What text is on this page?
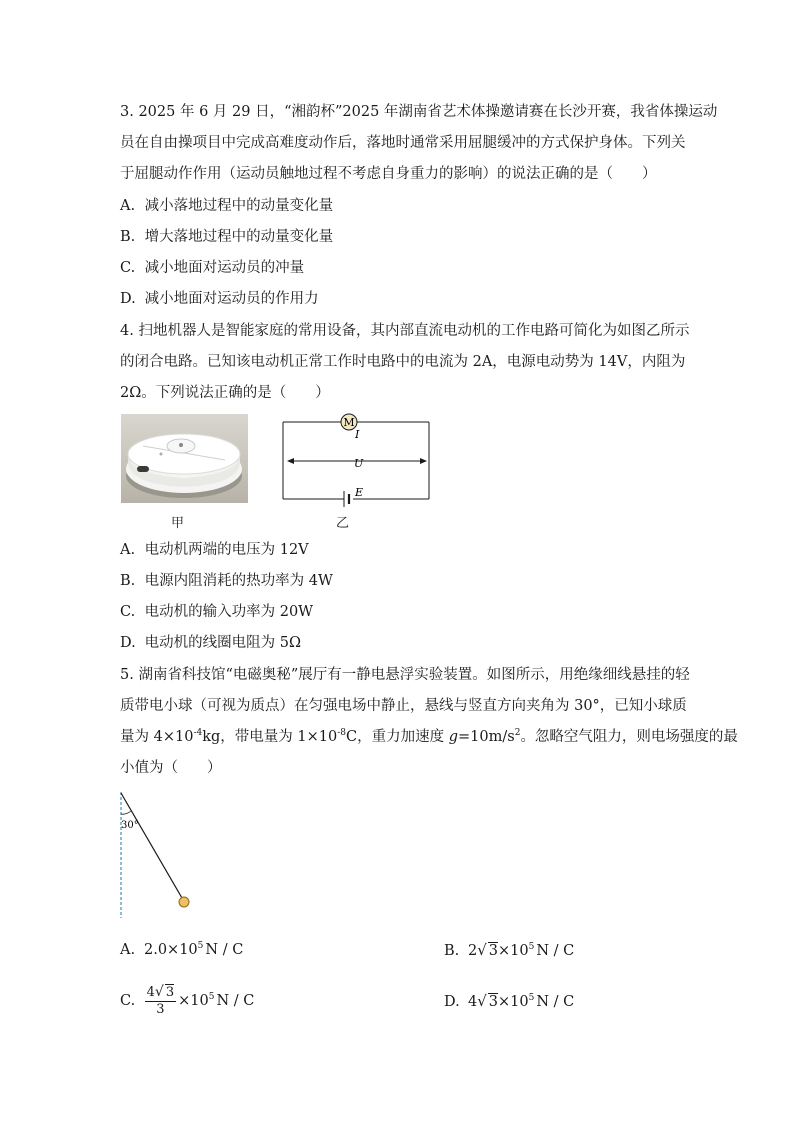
3. 2025 年 6 月 29 日，“湘韵杯”2025 年湖南省艺术体操邀请赛在长沙开赛，我省体操运动
员在自由操项目中完成高难度动作后，落地时通常采用屈腿缓冲的方式保护身体。下列关
于屈腿动作作用（运动员触地过程不考虑自身重力的影响）的说法正确的是（　　）
A. 减小落地过程中的动量变化量
B. 增大落地过程中的动量变化量
C. 减小地面对运动员的冲量
D. 减小地面对运动员的作用力
4. 扫地机器人是智能家庭的常用设备，其内部直流电动机的工作电路可简化为如图乙所示
的闭合电路。已知该电动机正常工作时电路中的电流为 2A，电源电动势为 14V，内阻为
2Ω。下列说法正确的是（　　）
甲
M
I
U
E
乙
A. 电动机两端的电压为 12V
B. 电源内阻消耗的热功率为 4W
C. 电动机的输入功率为 20W
D. 电动机的线圈电阻为 5Ω
5. 湖南省科技馆“电磁奥秘”展厅有一静电悬浮实验装置。如图所示，用绝缘细线悬挂的轻
质带电小球（可视为质点）在匀强电场中静止，悬线与竖直方向夹角为 30°，已知小球质
量为 $4\times 10^{-4}kg$，带电量为 $1\times 10^{-8}C$，重力加速度 $g=10m/s^2$。忽略空气阻力，则电场强度的最
小值为（　　）
30°
A. $2.0\times 10^5$ N / C	B. 2√ $3\times 10^5$ N / C
C. $\frac{4√ 3}{3} \times 10^5$ N / C	D. 4√ $3\times 10^5$ N / C
